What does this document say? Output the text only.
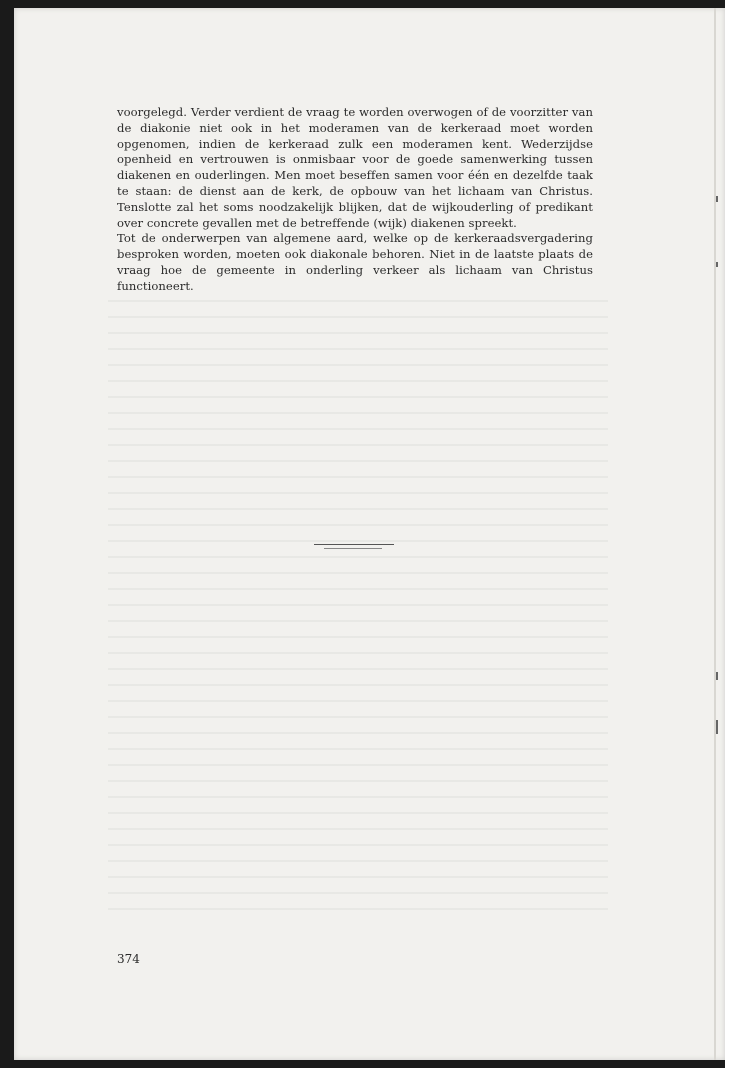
voorgelegd. Verder verdient de vraag te worden overwogen of de voorzitter van de diakonie niet ook in het moderamen van de kerkeraad moet worden opgenomen, indien de kerkeraad zulk een moderamen kent. Wederzijdse openheid en vertrouwen is onmisbaar voor de goede samenwerking tussen diakenen en ouderlingen. Men moet beseffen samen voor één en dezelfde taak te staan: de dienst aan de kerk, de opbouw van het lichaam van Christus. Tenslotte zal het soms noodzakelijk blijken, dat de wijkouderling of predikant over concrete gevallen met de betreffende (wijk) diakenen spreekt.

Tot de onderwerpen van algemene aard, welke op de kerkeraadsvergadering besproken worden, moeten ook diakonale behoren. Niet in de laatste plaats de vraag hoe de gemeente in onderling verkeer als lichaam van Christus functioneert.

374
